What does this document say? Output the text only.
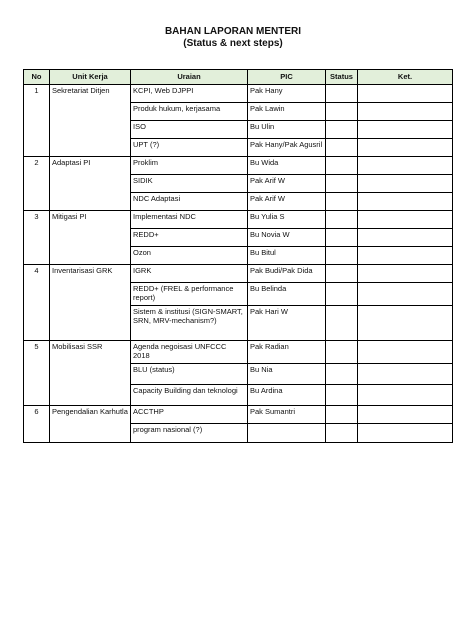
BAHAN LAPORAN MENTERI
(Status & next steps)
No	Unit Kerja	Uraian	PIC	Status	Ket.
1	Sekretariat Ditjen	KCPI, Web DJPPI	Pak Hany		
		Produk hukum, kerjasama	Pak Lawin		
		ISO	Bu Ulin		
		UPT (?)	Pak Hany/Pak Agusril		
2	Adaptasi PI	Proklim	Bu Wida		
		SIDIK	Pak Arif W		
		NDC Adaptasi	Pak Arif W		
3	Mitigasi PI	Implementasi NDC	Bu Yulia S		
		REDD+	Bu Novia W		
		Ozon	Bu Bitul		
4	Inventarisasi GRK	IGRK	Pak Budi/Pak Dida		
		REDD+ (FREL & performance report)	Bu Belinda		
		Sistem & institusi (SIGN-SMART, SRN, MRV-mechanism?)	Pak Hari W		
5	Mobilisasi SSR	Agenda negoisasi UNFCCC 2018	Pak Radian		
		BLU (status)	Bu Nia		
		Capacity Building dan teknologi	Bu Ardina		
6	Pengendalian Karhutla	ACCTHP	Pak Sumantri		
		program nasional (?)			
